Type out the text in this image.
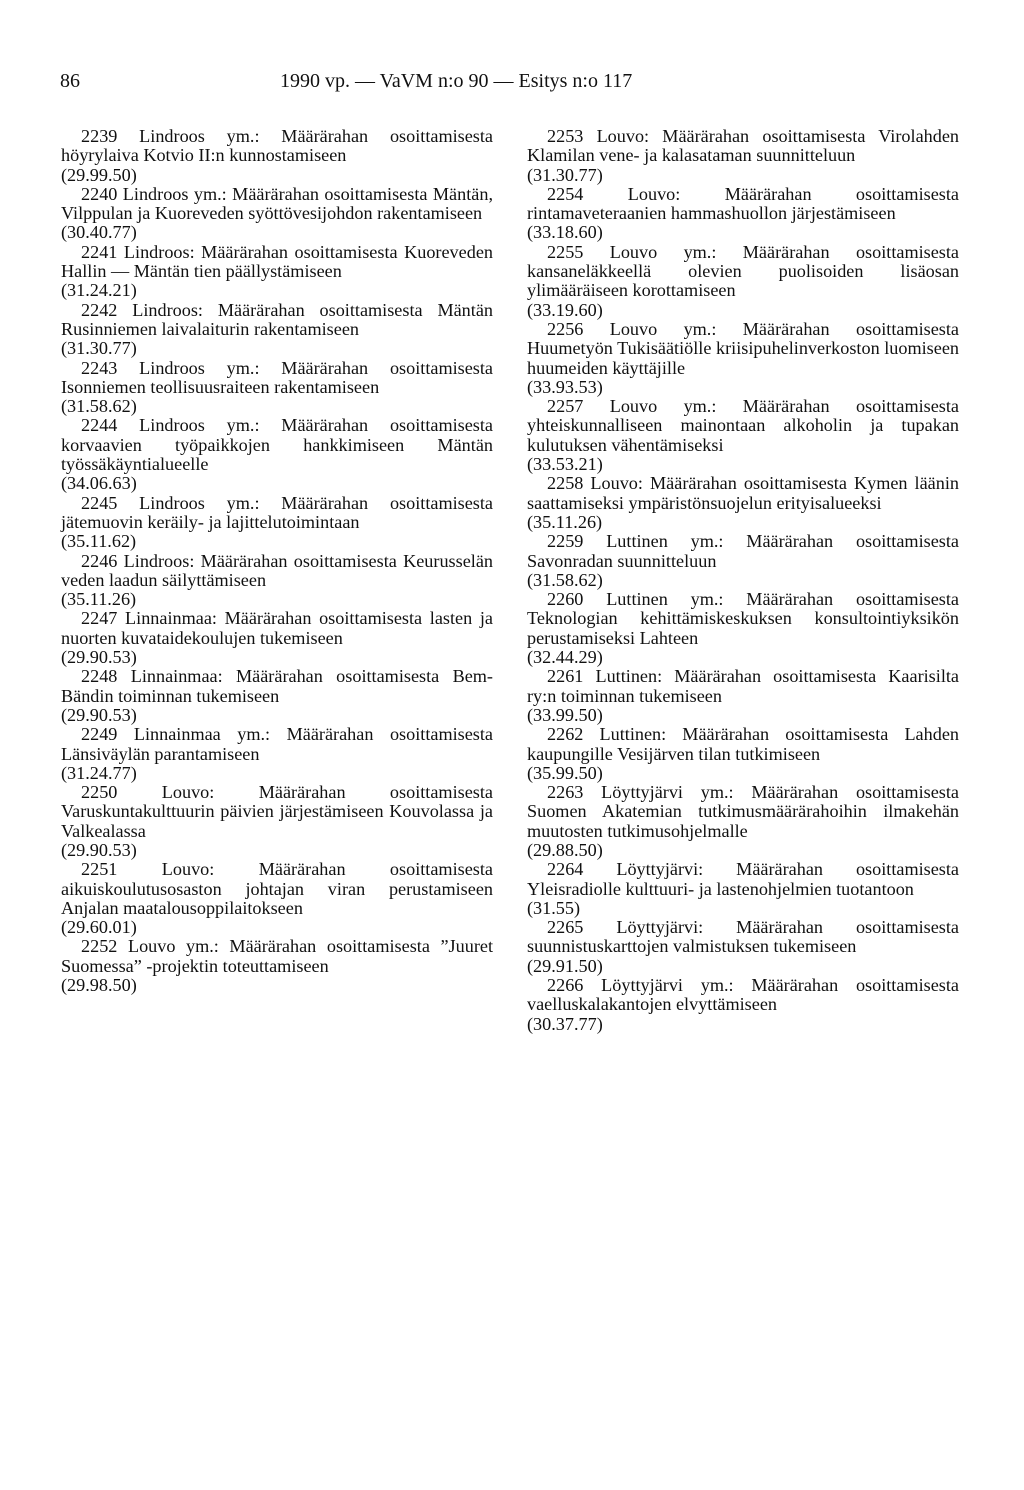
86	1990 vp. — VaVM n:o 90 — Esitys n:o 117
2239 Lindroos ym.: Määrärahan osoittamisesta höyrylaiva Kotvio II:n kunnostamiseen
(29.99.50)
2240 Lindroos ym.: Määrärahan osoittamisesta Mäntän, Vilppulan ja Kuoreveden syöttövesijohdon rakentamiseen
(30.40.77)
2241 Lindroos: Määrärahan osoittamisesta Kuoreveden Hallin — Mäntän tien päällystämiseen
(31.24.21)
2242 Lindroos: Määrärahan osoittamisesta Mäntän Rusinniemen laivalaiturin rakentamiseen
(31.30.77)
2243 Lindroos ym.: Määrärahan osoittamisesta Isonniemen teollisuusraiteen rakentamiseen
(31.58.62)
2244 Lindroos ym.: Määrärahan osoittamisesta korvaavien työpaikkojen hankkimiseen Mäntän työssäkäyntialueelle
(34.06.63)
2245 Lindroos ym.: Määrärahan osoittamisesta jätemuovin keräily- ja lajittelutoimintaan
(35.11.62)
2246 Lindroos: Määrärahan osoittamisesta Keurusselän veden laadun säilyttämiseen
(35.11.26)
2247 Linnainmaa: Määrärahan osoittamisesta lasten ja nuorten kuvataidekoulujen tukemiseen
(29.90.53)
2248 Linnainmaa: Määrärahan osoittamisesta Bem-Bändin toiminnan tukemiseen
(29.90.53)
2249 Linnainmaa ym.: Määrärahan osoittamisesta Länsiväylän parantamiseen
(31.24.77)
2250 Louvo: Määrärahan osoittamisesta Varuskuntakulttuurin päivien järjestämiseen Kouvolassa ja Valkealassa
(29.90.53)
2251 Louvo: Määrärahan osoittamisesta aikuiskoulutusosaston johtajan viran perustamiseen Anjalan maatalousoppilaitokseen
(29.60.01)
2252 Louvo ym.: Määrärahan osoittamisesta ”Juuret Suomessa” -projektin toteuttamiseen
(29.98.50)
2253 Louvo: Määrärahan osoittamisesta Virolahden Klamilan vene- ja kalasataman suunnitteluun
(31.30.77)
2254 Louvo: Määrärahan osoittamisesta rintamaveteraanien hammashuollon järjestämiseen
(33.18.60)
2255 Louvo ym.: Määrärahan osoittamisesta kansaneläkkeellä olevien puolisoiden lisäosan ylimääräiseen korottamiseen
(33.19.60)
2256 Louvo ym.: Määrärahan osoittamisesta Huumetyön Tukisäätiölle kriisipuhelinverkoston luomiseen huumeiden käyttäjille
(33.93.53)
2257 Louvo ym.: Määrärahan osoittamisesta yhteiskunnalliseen mainontaan alkoholin ja tupakan kulutuksen vähentämiseksi
(33.53.21)
2258 Louvo: Määrärahan osoittamisesta Kymen läänin saattamiseksi ympäristönsuojelun erityisalueeksi
(35.11.26)
2259 Luttinen ym.: Määrärahan osoittamisesta Savonradan suunnitteluun
(31.58.62)
2260 Luttinen ym.: Määrärahan osoittamisesta Teknologian kehittämiskeskuksen konsultointiyksikön perustamiseksi Lahteen
(32.44.29)
2261 Luttinen: Määrärahan osoittamisesta Kaarisilta ry:n toiminnan tukemiseen
(33.99.50)
2262 Luttinen: Määrärahan osoittamisesta Lahden kaupungille Vesijärven tilan tutkimiseen
(35.99.50)
2263 Löyttyjärvi ym.: Määrärahan osoittamisesta Suomen Akatemian tutkimusmäärärahoihin ilmakehän muutosten tutkimusohjelmalle
(29.88.50)
2264 Löyttyjärvi: Määrärahan osoittamisesta Yleisradiolle kulttuuri- ja lastenohjelmien tuotantoon
(31.55)
2265 Löyttyjärvi: Määrärahan osoittamisesta suunnistuskarttojen valmistuksen tukemiseen
(29.91.50)
2266 Löyttyjärvi ym.: Määrärahan osoittamisesta vaelluskalakantojen elvyttämiseen
(30.37.77)
